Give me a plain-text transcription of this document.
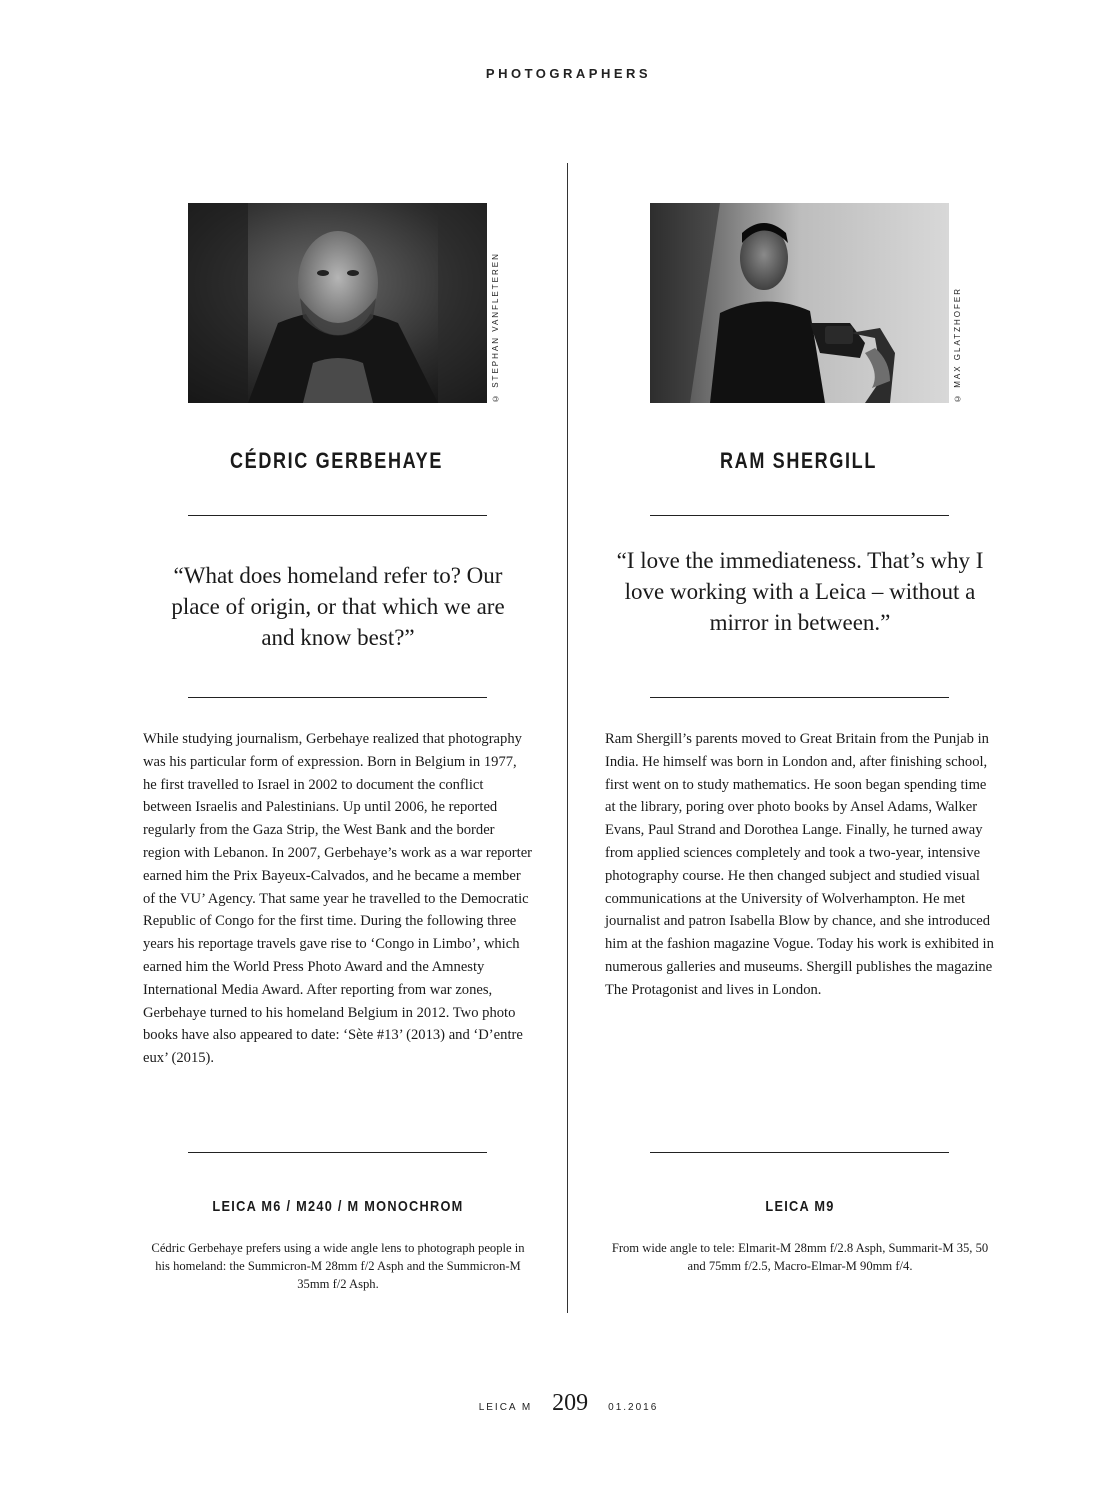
PHOTOGRAPHERS
© STEPHAN VANFLETEREN
CÉDRIC GERBEHAYE
“What does homeland refer to? Our place of origin, or that which we are and know best?”
While studying journalism, Gerbehaye realized that photography was his particular form of expression. Born in Belgium in 1977, he first travelled to Israel in 2002 to document the conflict between Israelis and Palestinians. Up until 2006, he reported regularly from the Gaza Strip, the West Bank and the border region with Lebanon. In 2007, Gerbehaye’s work as a war reporter earned him the Prix Bayeux-Calvados, and he became a member of the VU’ Agency. That same year he travelled to the Democratic Republic of Congo for the first time. During the following three years his reportage travels gave rise to ‘Congo in Limbo’, which earned him the World Press Photo Award and the Amnesty International Media Award. After reporting from war zones, Gerbehaye turned to his homeland Belgium in 2012. Two photo books have also appeared to date: ‘Sète #13’ (2013) and ‘D’entre eux’ (2015).
LEICA M6 / M240 / M MONOCHROM
Cédric Gerbehaye prefers using a wide angle lens to photograph people in his homeland: the Summicron-M 28mm f/2 Asph and the Summicron-M 35mm f/2 Asph.
© MAX GLATZHOFER
RAM SHERGILL
“I love the immediateness. That’s why I love working with a Leica – without a mirror in between.”
Ram Shergill’s parents moved to Great Britain from the Punjab in India. He himself was born in London and, after finishing school, first went on to study mathematics. He soon began spending time at the library, poring over photo books by Ansel Adams, Walker Evans, Paul Strand and Dorothea Lange. Finally, he turned away from applied sciences completely and took a two-year, intensive photography course. He then changed subject and studied visual communications at the University of Wolverhampton. He met journalist and patron Isabella Blow by chance, and she introduced him at the fashion magazine Vogue. Today his work is exhibited in numerous galleries and museums. Shergill publishes the magazine The Protagonist and lives in London.
LEICA M9
From wide angle to tele: Elmarit-M 28mm f/2.8 Asph, Summarit-M 35, 50 and 75mm f/2.5, Macro-Elmar-M 90mm f/4.
LEICA M 209 01.2016
